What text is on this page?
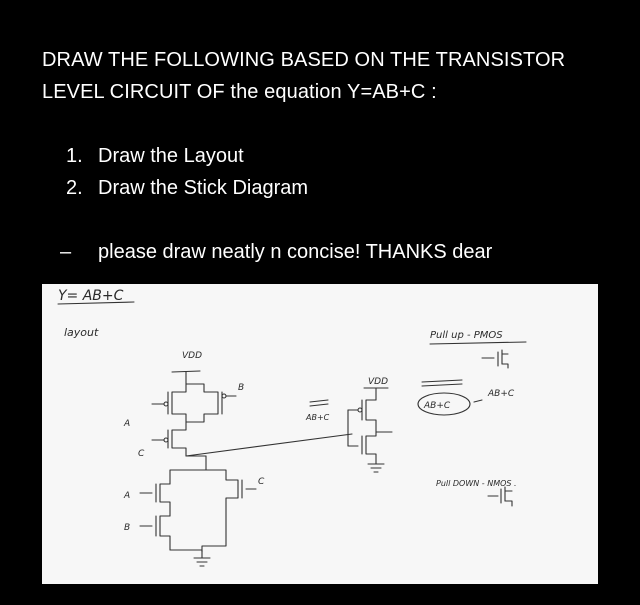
DRAW THE FOLLOWING BASED ON THE TRANSISTOR
LEVEL CIRCUIT OF the equation Y=AB+C :
1. Draw the Layout
2. Draw the Stick Diagram
–	please draw neatly n concise! THANKS dear
Y= AB+C
layout
VDD
VDD
A
B
C
C
A
B
AB+C
AB+C
AB+C
Pull up - PMOS
Pull DOWN - NMOS .
